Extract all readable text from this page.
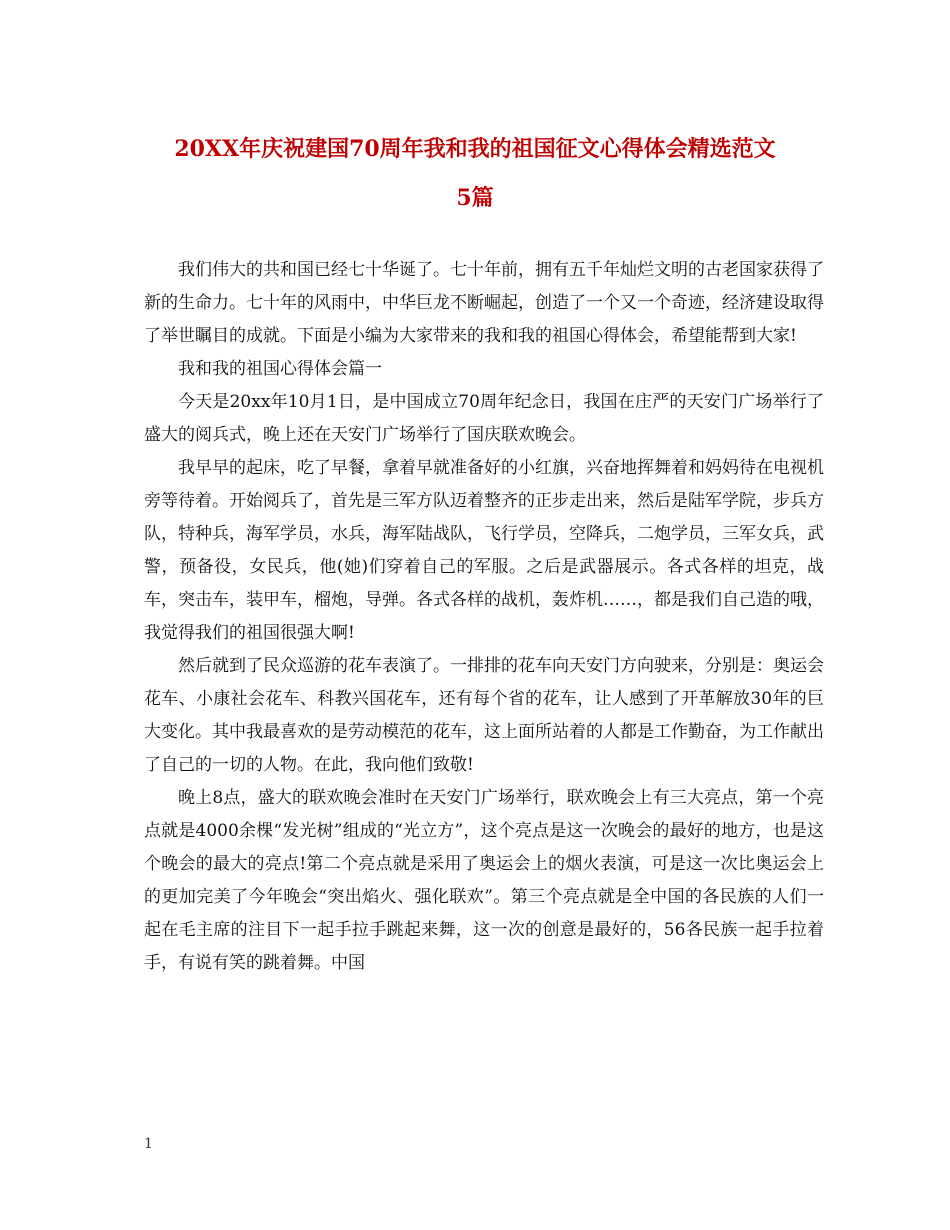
20XX年庆祝建国70周年我和我的祖国征文心得体会精选范文
5篇

我们伟大的共和国已经七十华诞了。七十年前，拥有五千年灿烂文明的古老国家获得了新的生命力。七十年的风雨中，中华巨龙不断崛起，创造了一个又一个奇迹，经济建设取得了举世瞩目的成就。下面是小编为大家带来的我和我的祖国心得体会，希望能帮到大家!

我和我的祖国心得体会篇一

今天是20xx年10月1日，是中国成立70周年纪念日，我国在庄严的天安门广场举行了盛大的阅兵式，晚上还在天安门广场举行了国庆联欢晚会。

我早早的起床，吃了早餐，拿着早就准备好的小红旗，兴奋地挥舞着和妈妈待在电视机旁等待着。开始阅兵了，首先是三军方队迈着整齐的正步走出来，然后是陆军学院，步兵方队，特种兵，海军学员，水兵，海军陆战队，飞行学员，空降兵，二炮学员，三军女兵，武警，预备役，女民兵，他(她)们穿着自己的军服。之后是武器展示。各式各样的坦克，战车，突击车，装甲车，榴炮，导弹。各式各样的战机，轰炸机……，都是我们自己造的哦，我觉得我们的祖国很强大啊!

然后就到了民众巡游的花车表演了。一排排的花车向天安门方向驶来，分别是：奥运会花车、小康社会花车、科教兴国花车，还有每个省的花车，让人感到了开革解放30年的巨大变化。其中我最喜欢的是劳动模范的花车，这上面所站着的人都是工作勤奋，为工作献出了自己的一切的人物。在此，我向他们致敬!

晚上8点，盛大的联欢晚会准时在天安门广场举行，联欢晚会上有三大亮点，第一个亮点就是4000余棵“发光树”组成的“光立方”，这个亮点是这一次晚会的最好的地方，也是这个晚会的最大的亮点!第二个亮点就是采用了奥运会上的烟火表演，可是这一次比奥运会上的更加完美了今年晚会“突出焰火、强化联欢”。第三个亮点就是全中国的各民族的人们一起在毛主席的注目下一起手拉手跳起来舞，这一次的创意是最好的，56各民族一起手拉着手，有说有笑的跳着舞。中国

1
